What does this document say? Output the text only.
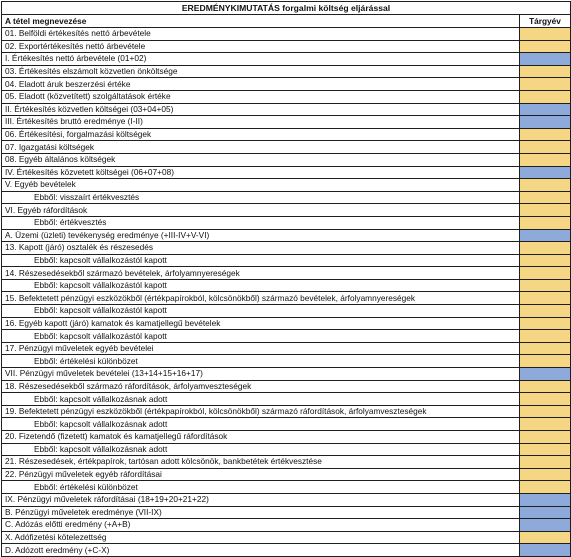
EREDMÉNYKIMUTATÁS forgalmi költség eljárással	
A tétel megnevezése	Tárgyév
01. Belföldi értékesítés nettó árbevétele	
02. Exportértékesítés nettó árbevétele	
I. Értékesítés nettó árbevétele (01+02)	
03. Értékesítés elszámolt közvetlen önköltsége	
04. Eladott áruk beszerzési értéke	
05. Eladott (közvetített) szolgáltatások értéke	
II. Értékesítés közvetlen költségei (03+04+05)	
III. Értékesítés bruttó eredménye (I-II)	
06. Értékesítési, forgalmazási költségek	
07. Igazgatási költségek	
08. Egyéb általános költségek	
IV. Értékesítés közvetett költségei (06+07+08)	
V. Egyéb bevételek	
Ebből: visszaírt értékvesztés	
VI. Egyéb ráfordítások	
Ebből: értékvesztés	
A. Üzemi (üzleti) tevékenység eredménye (+III-IV+V-VI)	
13. Kapott (járó) osztalék és részesedés	
Ebből: kapcsolt vállalkozástól kapott	
14. Részesedésekből származó bevételek, árfolyamnyereségek	
Ebből: kapcsolt vállalkozástól kapott	
15. Befektetett pénzügyi eszközökből (értékpapírokból, kölcsönökből) származó bevételek, árfolyamnyereségek	
Ebből: kapcsolt vállalkozástól kapott	
16. Egyéb kapott (járó) kamatok és kamatjellegű bevételek	
Ebből: kapcsolt vállalkozástól kapott	
17. Pénzügyi műveletek egyéb bevételei	
Ebből: értékelési különbözet	
VII. Pénzügyi műveletek bevételei (13+14+15+16+17)	
18. Részesedésekből származó ráfordítások, árfolyamveszteségek	
Ebből: kapcsolt vállalkozásnak adott	
19. Befektetett pénzügyi eszközökből (értékpapírokból, kölcsönökből) származó ráfordítások, árfolyamveszteségek	
Ebből: kapcsolt vállalkozásnak adott	
20. Fizetendő (fizetett) kamatok és kamatjellegű ráfordítások	
Ebből: kapcsolt vállalkozásnak adott	
21. Részesedések, értékpapírok, tartósan adott kölcsönök, bankbetétek értékvesztése	
22. Pénzügyi műveletek egyéb ráfordításai	
Ebből: értékelési különbözet	
IX. Pénzügyi műveletek ráfordításai (18+19+20+21+22)	
B. Pénzügyi műveletek eredménye (VII-IX)	
C. Adózás előtti eredmény (+A+B)	
X. Adófizetési kötelezettség	
D. Adózott eredmény (+C-X)	
